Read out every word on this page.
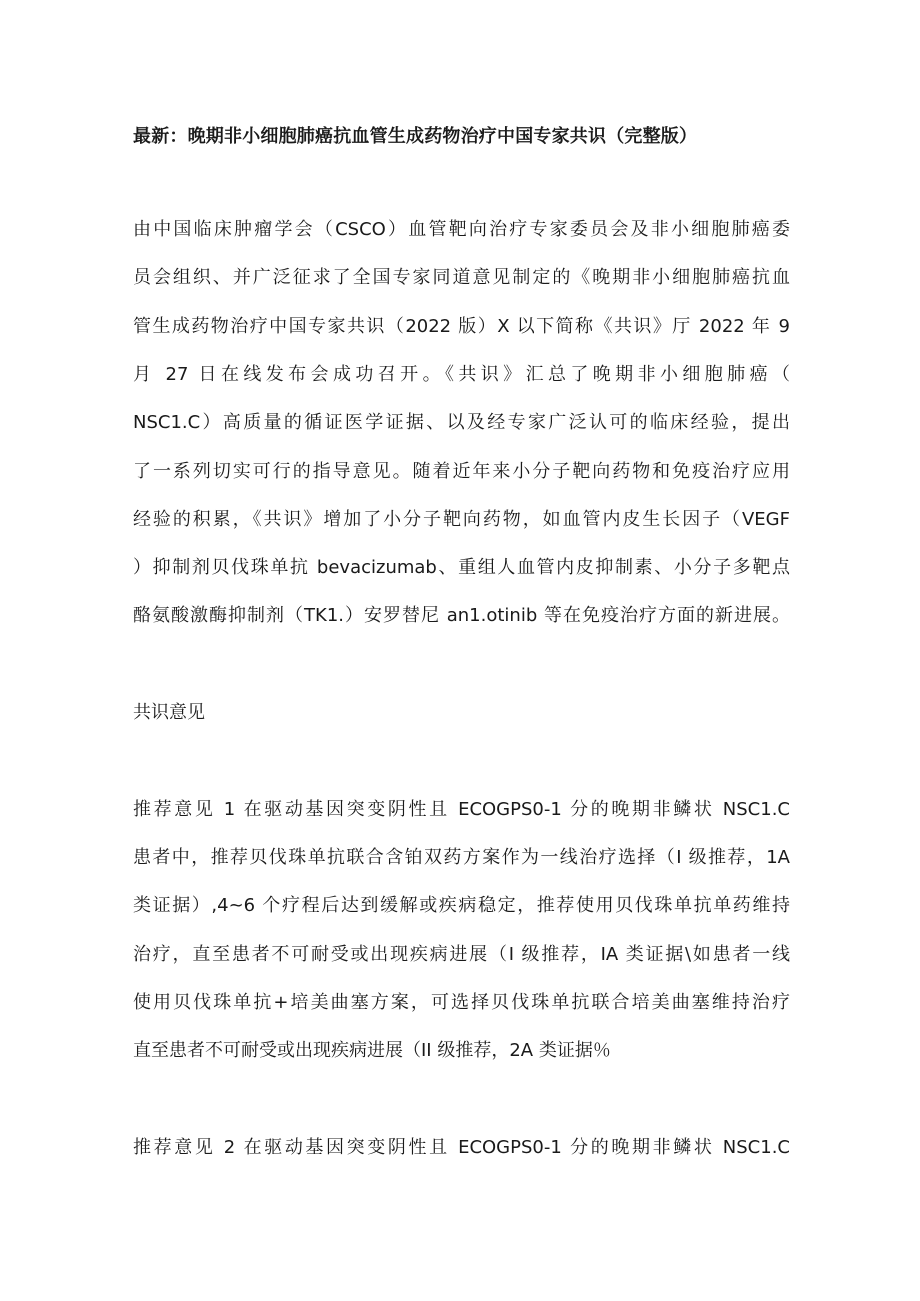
最新：晚期非小细胞肺癌抗血管生成药物治疗中国专家共识（完整版）
由中国临床肿瘤学会（CSCO）血管靶向治疗专家委员会及非小细胞肺癌委
员会组织、并广泛征求了全国专家同道意见制定的《晚期非小细胞肺癌抗血
管生成药物治疗中国专家共识（2022 版）X 以下简称《共识》厅 2022 年 9
月 27 日在线发布会成功召开。《共识》汇总了晚期非小细胞肺癌（
NSC1.C）高质量的循证医学证据、以及经专家广泛认可的临床经验，提出
了一系列切实可行的指导意见。随着近年来小分子靶向药物和免疫治疗应用
经验的积累，《共识》增加了小分子靶向药物，如血管内皮生长因子（VEGF
）抑制剂贝伐珠单抗 bevacizumab、重组人血管内皮抑制素、小分子多靶点
酪氨酸激酶抑制剂（TK1.）安罗替尼 an1.otinib 等在免疫治疗方面的新进展。
共识意见
推荐意见 1 在驱动基因突变阴性且 ECOGPS0-1 分的晚期非鳞状 NSC1.C
患者中，推荐贝伐珠单抗联合含铂双药方案作为一线治疗选择（I 级推荐，1A
类证据）,4~6 个疗程后达到缓解或疾病稳定，推荐使用贝伐珠单抗单药维持
治疗，直至患者不可耐受或出现疾病进展（I 级推荐，IA 类证据\如患者一线
使用贝伐珠单抗+培美曲塞方案，可选择贝伐珠单抗联合培美曲塞维持治疗
直至患者不可耐受或出现疾病进展（II 级推荐，2A 类证据％
推荐意见 2 在驱动基因突变阴性且 ECOGPS0-1 分的晚期非鳞状 NSC1.C
